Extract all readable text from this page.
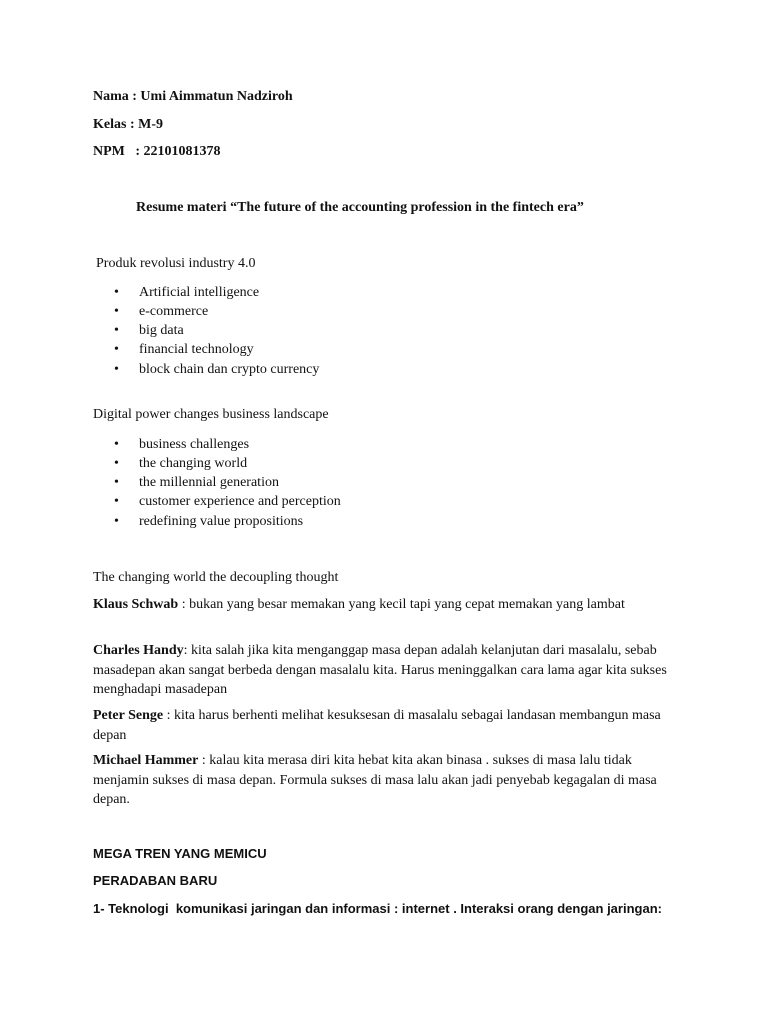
Nama : Umi Aimmatun Nadziroh
Kelas : M-9
NPM   : 22101081378
Resume materi “The future of the accounting profession in the fintech era”
Produk revolusi industry 4.0
• Artificial intelligence
• e-commerce
• big data
• financial technology
• block chain dan crypto currency
Digital power changes business landscape
• business challenges
• the changing world
• the millennial generation
• customer experience and perception
• redefining value propositions
The changing world the decoupling thought
Klaus Schwab : bukan yang besar memakan yang kecil tapi yang cepat memakan yang lambat
Charles Handy: kita salah jika kita menganggap masa depan adalah kelanjutan dari masalalu, sebab masadepan akan sangat berbeda dengan masalalu kita. Harus meninggalkan cara lama agar kita sukses menghadapi masadepan
Peter Senge : kita harus berhenti melihat kesuksesan di masalalu sebagai landasan membangun masa depan
Michael Hammer : kalau kita merasa diri kita hebat kita akan binasa . sukses di masa lalu tidak menjamin sukses di masa depan. Formula sukses di masa lalu akan jadi penyebab kegagalan di masa depan.
MEGA TREN YANG MEMICU
PERADABAN BARU
1- Teknologi  komunikasi jaringan dan informasi : internet . Interaksi orang dengan jaringan:
